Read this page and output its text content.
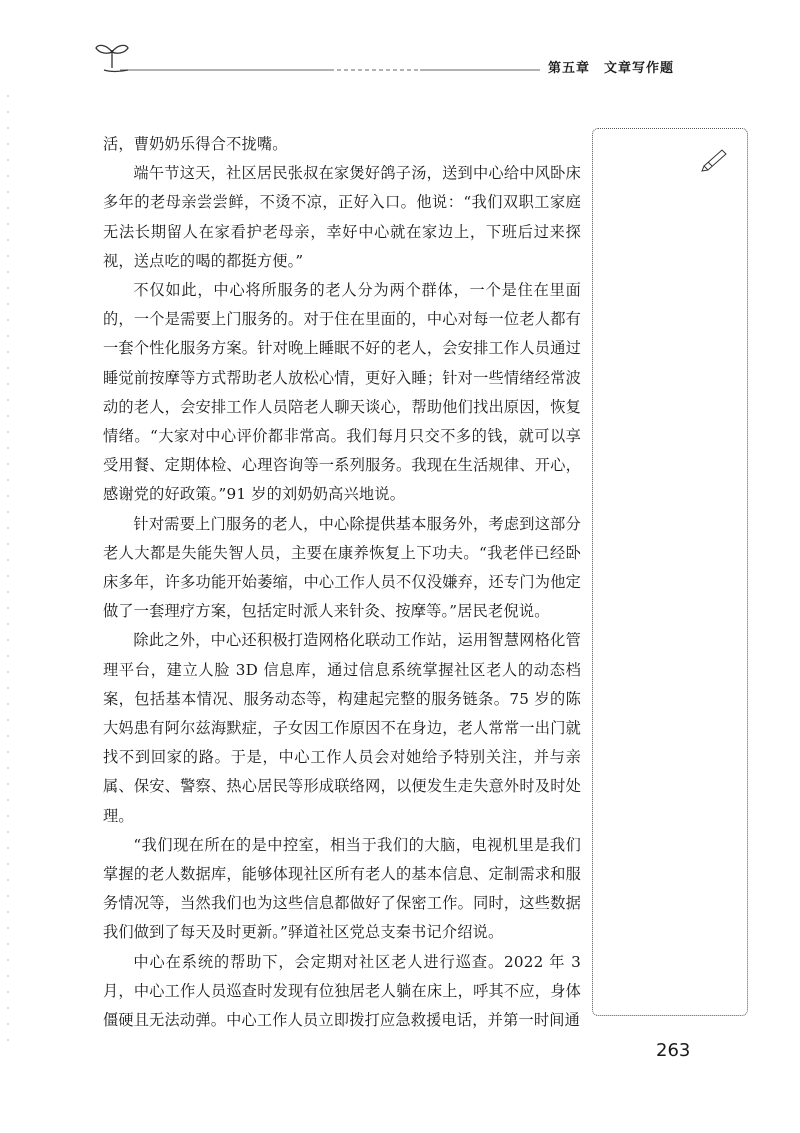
第五章　文章写作题

活，曹奶奶乐得合不拢嘴。

端午节这天，社区居民张叔在家煲好鸽子汤，送到中心给中风卧床多年的老母亲尝尝鲜，不烫不凉，正好入口。他说：“我们双职工家庭无法长期留人在家看护老母亲，幸好中心就在家边上，下班后过来探视，送点吃的喝的都挺方便。”

不仅如此，中心将所服务的老人分为两个群体，一个是住在里面的，一个是需要上门服务的。对于住在里面的，中心对每一位老人都有一套个性化服务方案。针对晚上睡眠不好的老人，会安排工作人员通过睡觉前按摩等方式帮助老人放松心情，更好入睡；针对一些情绪经常波动的老人，会安排工作人员陪老人聊天谈心，帮助他们找出原因，恢复情绪。“大家对中心评价都非常高。我们每月只交不多的钱，就可以享受用餐、定期体检、心理咨询等一系列服务。我现在生活规律、开心，感谢党的好政策。”91 岁的刘奶奶高兴地说。

针对需要上门服务的老人，中心除提供基本服务外，考虑到这部分老人大都是失能失智人员，主要在康养恢复上下功夫。“我老伴已经卧床多年，许多功能开始萎缩，中心工作人员不仅没嫌弃，还专门为他定做了一套理疗方案，包括定时派人来针灸、按摩等。”居民老倪说。

除此之外，中心还积极打造网格化联动工作站，运用智慧网格化管理平台，建立人脸 3D 信息库，通过信息系统掌握社区老人的动态档案，包括基本情况、服务动态等，构建起完整的服务链条。75 岁的陈大妈患有阿尔兹海默症，子女因工作原因不在身边，老人常常一出门就找不到回家的路。于是，中心工作人员会对她给予特别关注，并与亲属、保安、警察、热心居民等形成联络网，以便发生走失意外时及时处理。

“我们现在所在的是中控室，相当于我们的大脑，电视机里是我们掌握的老人数据库，能够体现社区所有老人的基本信息、定制需求和服务情况等，当然我们也为这些信息都做好了保密工作。同时，这些数据我们做到了每天及时更新。”驿道社区党总支秦书记介绍说。

中心在系统的帮助下，会定期对社区老人进行巡查。2022 年 3 月，中心工作人员巡查时发现有位独居老人躺在床上，呼其不应，身体僵硬且无法动弹。中心工作人员立即拨打应急救援电话，并第一时间通

263
